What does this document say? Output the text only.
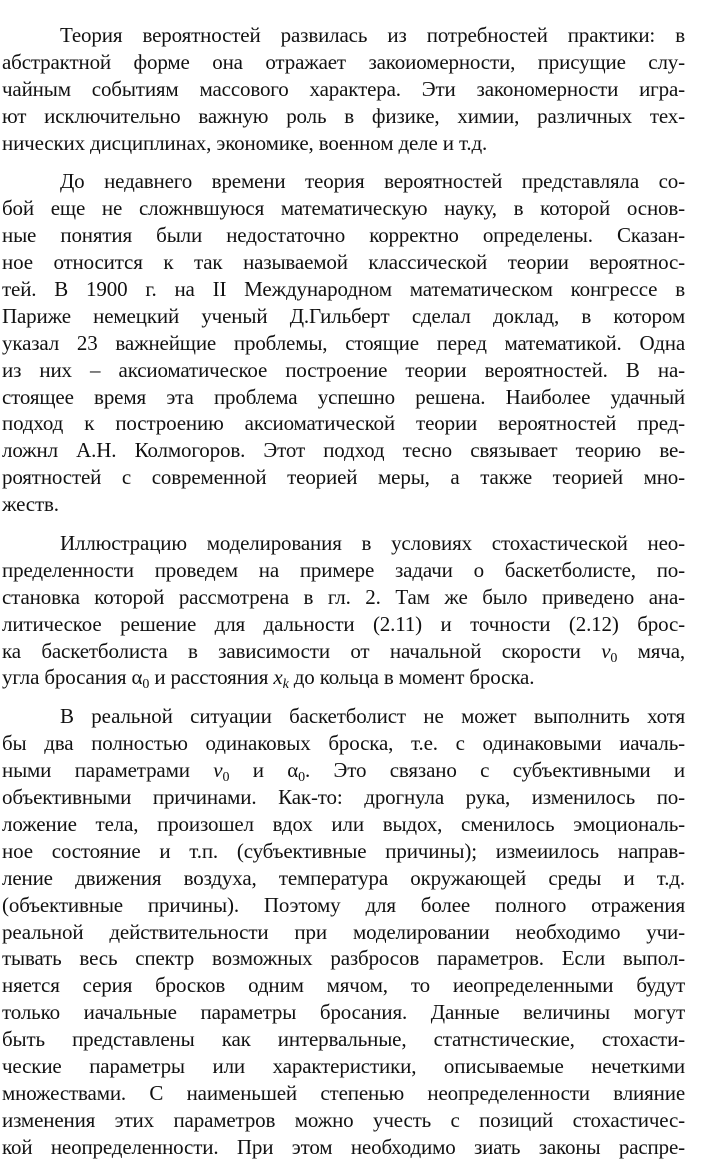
Теория вероятностей развилась из потребностей практики: в
абстрактной форме она отражает закоиомерности, присущие слу-
чайным событиям массового характера. Эти закономерности игра-
ют исключительно важную роль в физике, химии, различных тех-
нических дисциплинах, экономике, военном деле и т.д.
До недавнего времени теория вероятностей представляла со-
бой еще не сложнвшуюся математическую науку, в которой основ-
ные понятия были недостаточно корректно определены. Сказан-
ное относится к так называемой классической теории вероятнос-
тей. В 1900 г. на II Международном математическом конгрессе в
Париже немецкий ученый Д.Гильберт сделал доклад, в котором
указал 23 важнейщие проблемы, стоящие перед математикой. Одна
из них – аксиоматическое построение теории вероятностей. В на-
стоящее время эта проблема успешно решена. Наиболее удачный
подход к построению аксиоматической теории вероятностей пред-
ложнл А.Н. Колмогоров. Этот подход тесно связывает теорию ве-
роятностей с современной теорией меры, а также теорией мно-
жеств.
Иллюстрацию моделирования в условиях стохастической нео-
пределенности проведем на примере задачи о баскетболисте, по-
становка которой рассмотрена в гл. 2. Там же было приведено ана-
литическое решение для дальности (2.11) и точности (2.12) брос-
ка баскетболиста в зависимости от начальной скорости $v_0$ мяча,
угла бросания $\alpha_0$ и расстояния xk до кольца в момент броска.
В реальной ситуации баскетболист не может выполнить хотя
бы два полностью одинаковых броска, т.е. с одинаковыми иачаль-
ными параметрами $v_0$ и $\alpha_0$. Это связано с субъективными и
объективными причинами. Как-то: дрогнула рука, изменилось по-
ложение тела, произошел вдох или выдох, сменилось эмоциональ-
ное состояние и т.п. (субъективные причины); измеиилось направ-
ление движения воздуха, температура окружающей среды и т.д.
(объективные причины). Поэтому для более полного отражения
реальной действительности при моделировании необходимо учи-
тывать весь спектр возможных разбросов параметров. Если выпол-
няется серия бросков одним мячом, то иеопределенными будут
только иачальные параметры бросания. Данные величины могут
быть представлены как интервальные, статнстические, стохасти-
ческие параметры или характеристики, описываемые нечеткими
множествами. С наименьшей степенью неопределенности влияние
изменения этих параметров можно учесть с позиций стохастичес-
кой неопределенности. При этом необходимо зиать законы распре-
